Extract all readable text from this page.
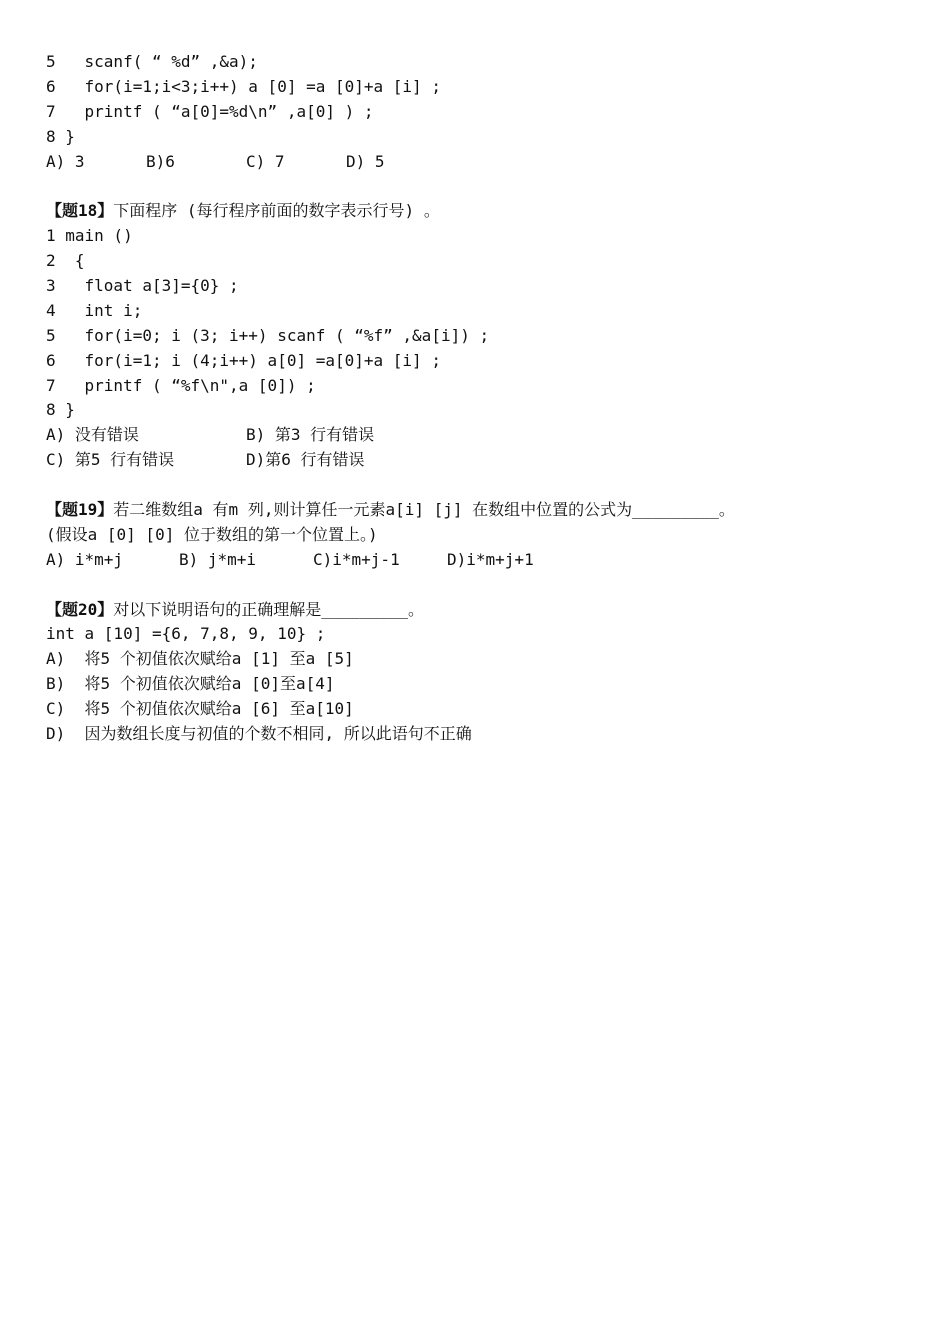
5   scanf( “ %d” ,&a);
6   for(i=1;i<3;i++) a [0] =a [0]+a [i] ;
7   printf ( “a[0]=%d\n” ,a[0] ) ;
8 }
A) 3	B)6	C) 7	D) 5
【题18】下面程序 (每行程序前面的数字表示行号) 。
1 main ()
2  {
3   float a[3]={0} ;
4   int i;
5   for(i=0; i (3; i++) scanf ( “%f” ,&a[i]) ;
6   for(i=1; i (4;i++) a[0] =a[0]+a [i] ;
7   printf ( “%f\n",a [0]) ;
8 }
A) 没有错误	B) 第3 行有错误
C) 第5 行有错误	D)第6 行有错误
【题19】若二维数组a 有m 列,则计算任一元素a[i] [j] 在数组中位置的公式为_________。
(假设a [0] [0] 位于数组的第一个位置上。)
A) i*m+j	B) j*m+i	C)i*m+j-1	D)i*m+j+1
【题20】对以下说明语句的正确理解是_________。
int a [10] ={6, 7,8, 9, 10} ;
A)  将5 个初值依次赋给a [1] 至a [5]
B)  将5 个初值依次赋给a [0]至a[4]
C)  将5 个初值依次赋给a [6] 至a[10]
D)  因为数组长度与初值的个数不相同, 所以此语句不正确
